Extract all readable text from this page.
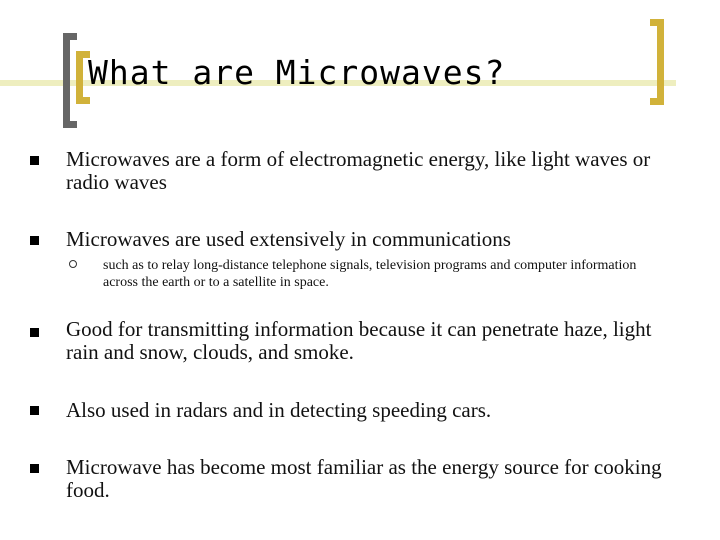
What are Microwaves?
Microwaves are a form of electromagnetic energy, like light waves or radio waves
Microwaves are used extensively in communications
such as to relay long-distance telephone signals, television programs and computer information across the earth or to a satellite in space.
Good for transmitting information because it can penetrate haze, light rain and snow, clouds, and smoke.
Also used in radars and in detecting speeding cars.
Microwave has become most familiar as the energy source for cooking food.
